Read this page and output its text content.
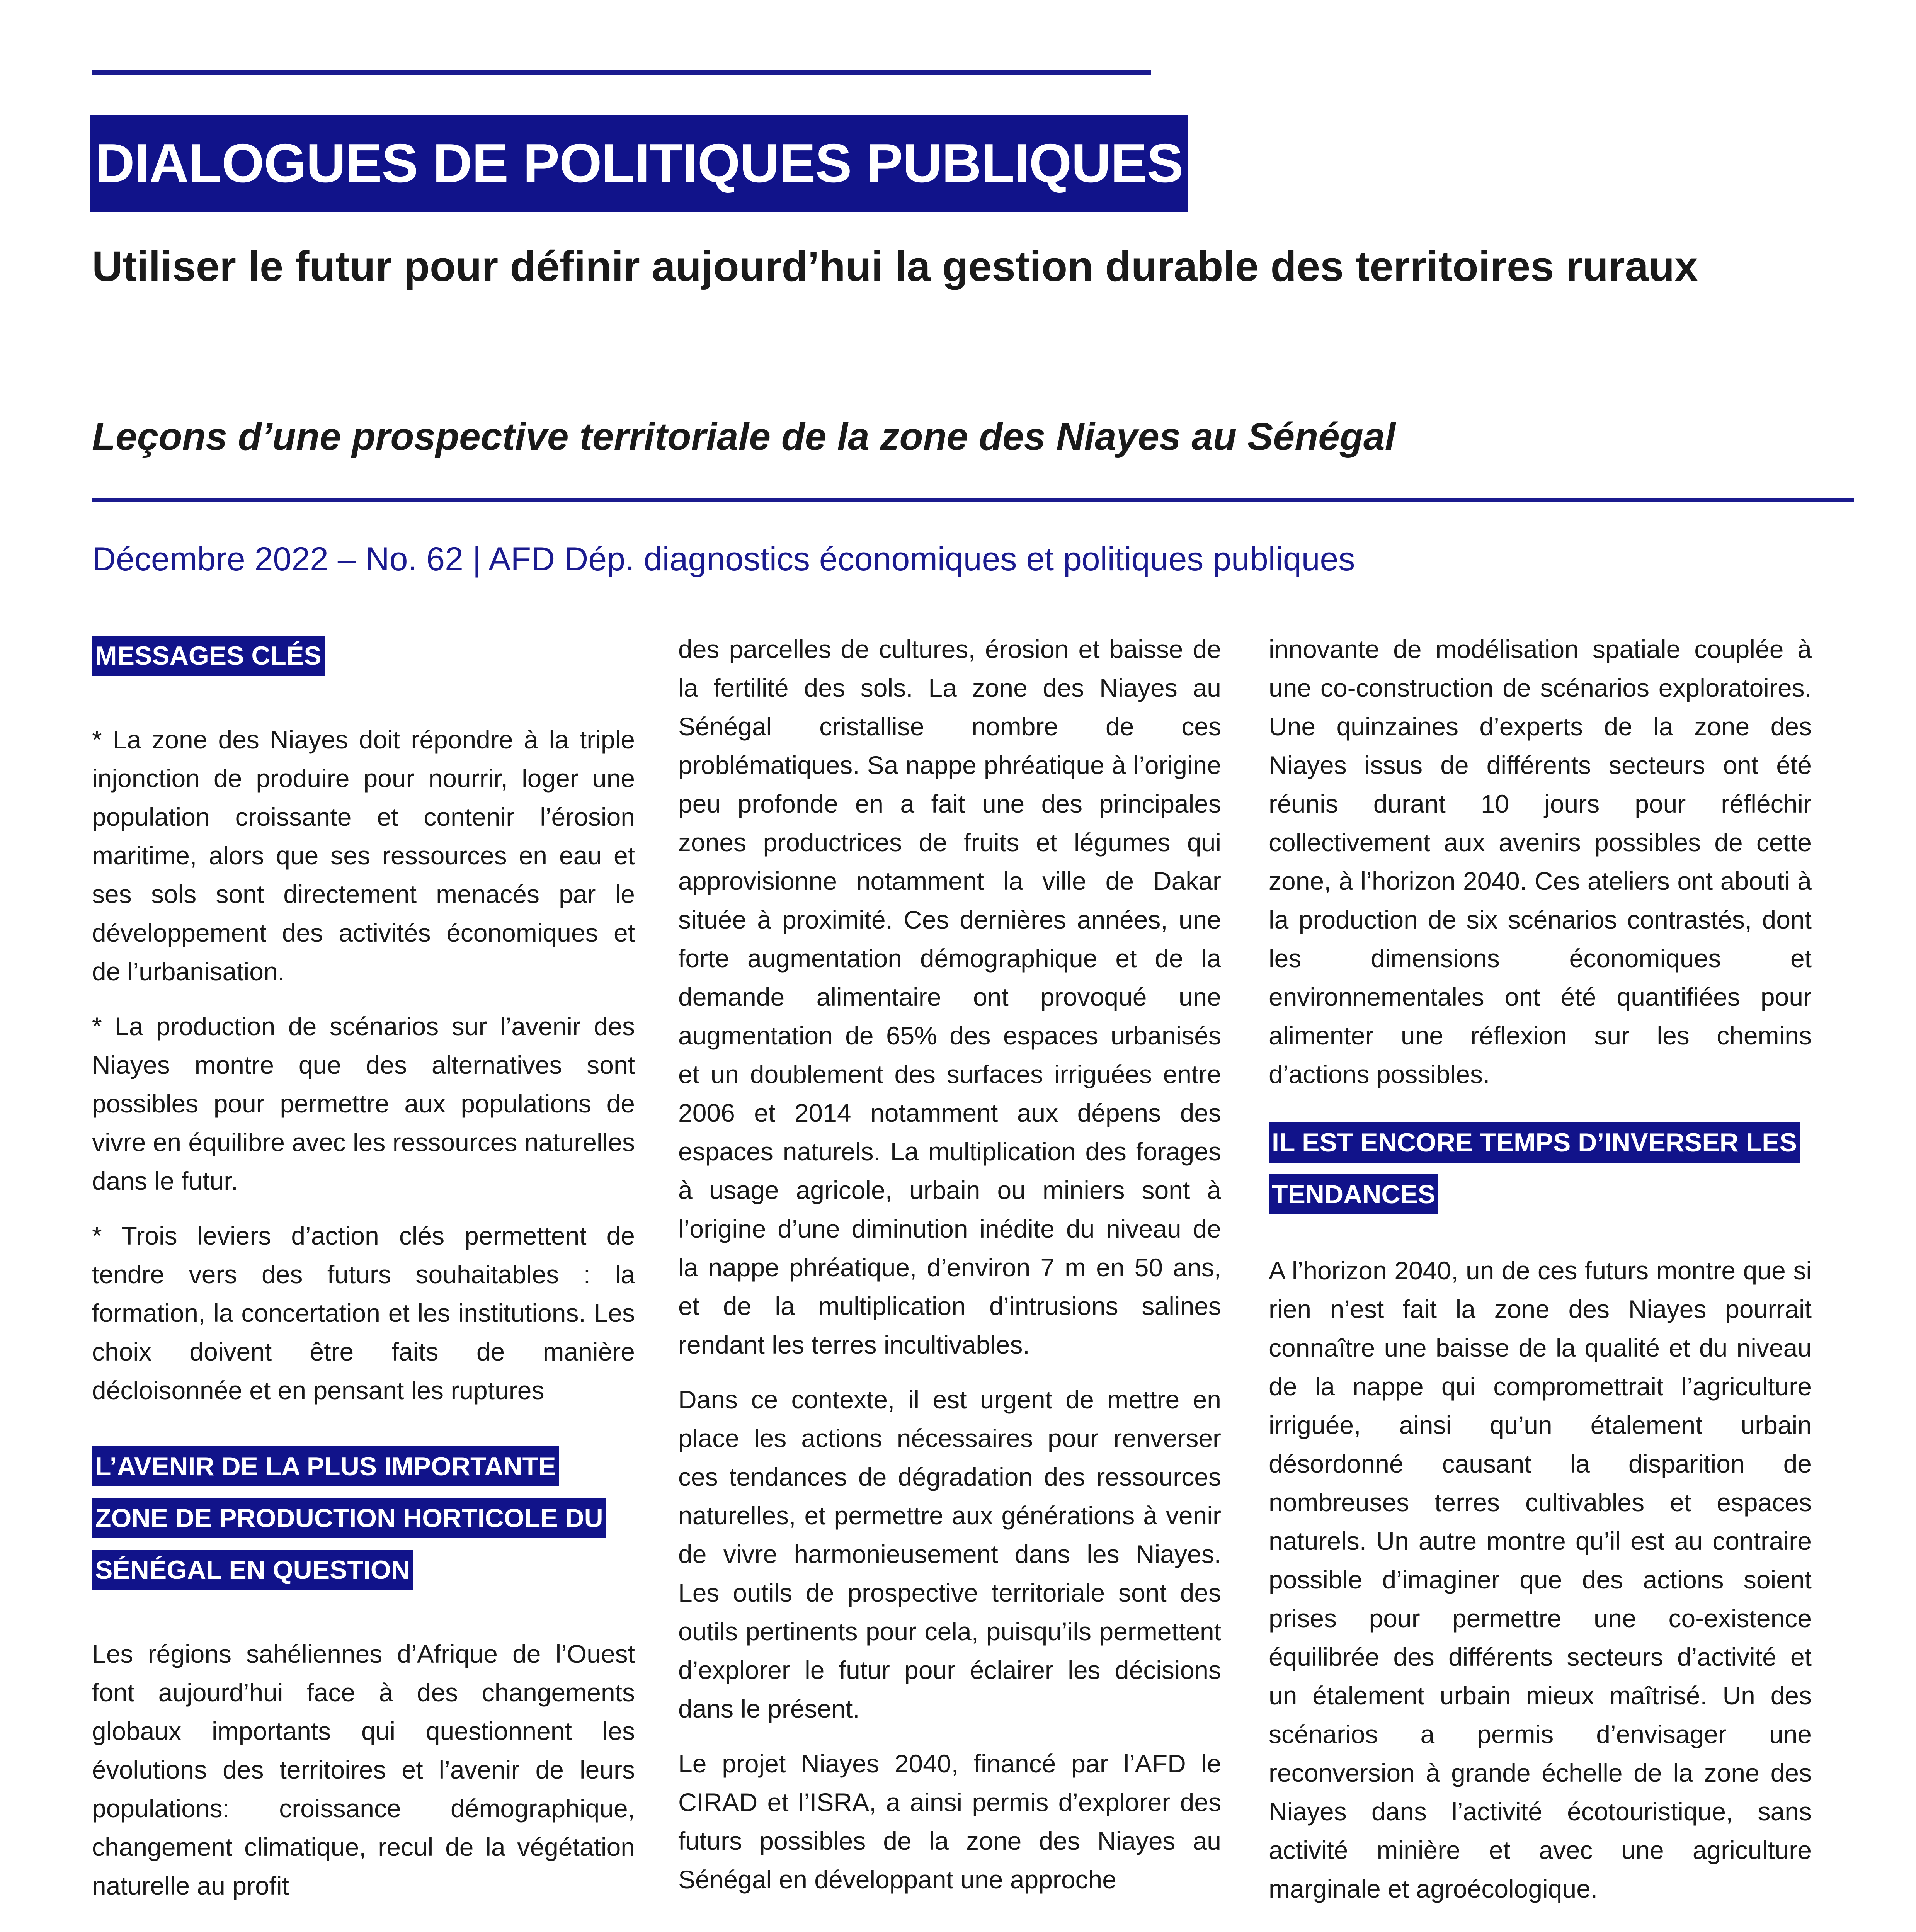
DIALOGUES DE POLITIQUES PUBLIQUES
Utiliser le futur pour définir aujourd’hui la gestion durable des territoires ruraux
Leçons d’une prospective territoriale de la zone des Niayes au Sénégal
Décembre 2022 – No. 62 | AFD Dép. diagnostics économiques et politiques publiques
MESSAGES CLÉS

* La zone des Niayes doit répondre à la triple injonction de produire pour nourrir, loger une population croissante et contenir l’érosion maritime, alors que ses ressources en eau et ses sols sont directement menacés par le développement des activités économiques et de l’urbanisation.

* La production de scénarios sur l’avenir des Niayes montre que des alternatives sont possibles pour permettre aux populations de vivre en équilibre avec les ressources naturelles dans le futur.

* Trois leviers d’action clés permettent de tendre vers des futurs souhaitables : la formation, la concertation et les institutions. Les choix doivent être faits de manière décloisonnée et en pensant les ruptures

L’AVENIR DE LA PLUS IMPORTANTE ZONE DE PRODUCTION HORTICOLE DU SÉNÉGAL EN QUESTION

Les régions sahéliennes d’Afrique de l’Ouest font aujourd’hui face à des changements globaux importants qui questionnent les évolutions des territoires et l’avenir de leurs populations: croissance démographique, changement climatique, recul de la végétation naturelle au profit

des parcelles de cultures, érosion et baisse de la fertilité des sols. La zone des Niayes au Sénégal cristallise nombre de ces problématiques. Sa nappe phréatique à l’origine peu profonde en a fait une des principales zones productrices de fruits et légumes qui approvisionne notamment la ville de Dakar située à proximité. Ces dernières années, une forte augmentation démographique et de la demande alimentaire ont provoqué une augmentation de 65% des espaces urbanisés et un doublement des surfaces irriguées entre 2006 et 2014 notamment aux dépens des espaces naturels. La multiplication des forages à usage agricole, urbain ou miniers sont à l’origine d’une diminution inédite du niveau de la nappe phréatique, d’environ 7 m en 50 ans, et de la multiplication d’intrusions salines rendant les terres incultivables.

Dans ce contexte, il est urgent de mettre en place les actions nécessaires pour renverser ces tendances de dégradation des ressources naturelles, et permettre aux générations à venir de vivre harmonieusement dans les Niayes. Les outils de prospective territoriale sont des outils pertinents pour cela, puisqu’ils permettent d’explorer le futur pour éclairer les décisions dans le présent.

Le projet Niayes 2040, financé par l’AFD le CIRAD et l’ISRA, a ainsi permis d’explorer des futurs possibles de la zone des Niayes au Sénégal en développant une approche

innovante de modélisation spatiale couplée à une co-construction de scénarios exploratoires. Une quinzaines d’experts de la zone des Niayes issus de différents secteurs ont été réunis durant 10 jours pour réfléchir collectivement aux avenirs possibles de cette zone, à l’horizon 2040. Ces ateliers ont abouti à la production de six scénarios contrastés, dont les dimensions économiques et environnementales ont été quantifiées pour alimenter une réflexion sur les chemins d’actions possibles.

IL EST ENCORE TEMPS D’INVERSER LES TENDANCES

A l’horizon 2040, un de ces futurs montre que si rien n’est fait la zone des Niayes pourrait connaître une baisse de la qualité et du niveau de la nappe qui compromettrait l’agriculture irriguée, ainsi qu’un étalement urbain désordonné causant la disparition de nombreuses terres cultivables et espaces naturels. Un autre montre qu’il est au contraire possible d’imaginer que des actions soient prises pour permettre une co-existence équilibrée des différents secteurs d’activité et un étalement urbain mieux maîtrisé. Un des scénarios a permis d’envisager une reconversion à grande échelle de la zone des Niayes dans l’activité écotouristique, sans activité minière et avec une agriculture marginale et agroécologique.
